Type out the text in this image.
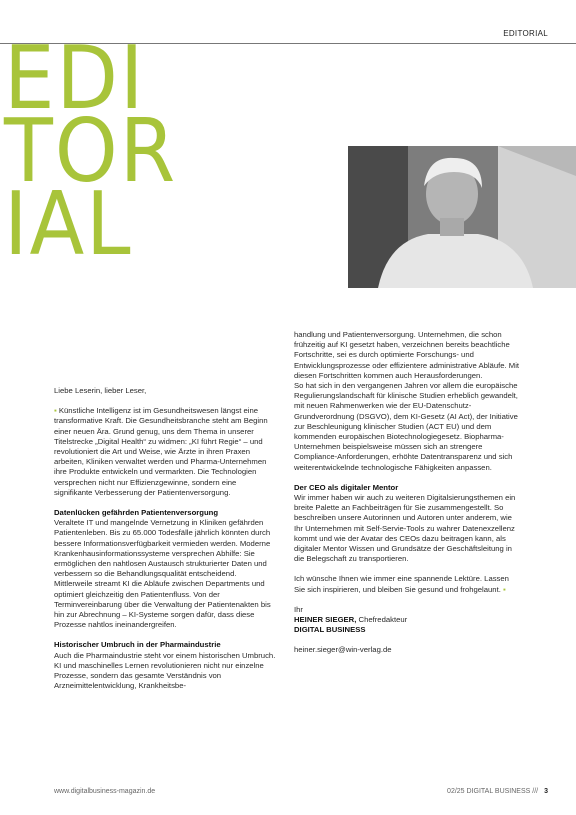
EDITORIAL
EDI
TOR
IAL

Liebe Leserin, lieber Leser,

▪ Künstliche Intelligenz ist im Gesundheitswesen längst eine transformative Kraft. Die Gesundheitsbranche steht am Beginn einer neuen Ära. Grund genug, uns dem Thema in unserer Titelstrecke „Digital Health“ zu widmen: „KI führt Regie“ – und revolutioniert die Art und Weise, wie Ärzte in ihren Praxen arbeiten, Kliniken verwaltet werden und Pharma-Unternehmen ihre Produkte entwickeln und vermarkten. Die Technologien versprechen nicht nur Effizienzgewinne, sondern eine signifikante Verbesserung der Patientenversorgung.

Datenlücken gefährden Patientenversorgung

Veraltete IT und mangelnde Vernetzung in Kliniken gefährden Patientenleben. Bis zu 65.000 Todesfälle jährlich könnten durch bessere Informationsverfügbarkeit vermieden werden. Moderne Krankenhausinformationssysteme versprechen Abhilfe: Sie ermöglichen den nahtlosen Austausch strukturierter Daten und verbessern so die Behandlungsqualität entscheidend. Mittlerweile streamt KI die Abläufe zwischen Departments und optimiert gleichzeitig den Patientenfluss. Von der Terminvereinbarung über die Verwaltung der Patientenakten bis hin zur Abrechnung – KI-Systeme sorgen dafür, dass diese Prozesse nahtlos ineinandergreifen.

Historischer Umbruch in der Pharmaindustrie

Auch die Pharmaindustrie steht vor einem historischen Umbruch. KI und maschinelles Lernen revolutionieren nicht nur einzelne Prozesse, sondern das gesamte Verständnis von Arzneimittelentwicklung, Krankheitsbe-

handlung und Patientenversorgung. Unternehmen, die schon frühzeitig auf KI gesetzt haben, verzeichnen bereits beachtliche Fortschritte, sei es durch optimierte Forschungs- und Entwicklungsprozesse oder effizientere administrative Abläufe. Mit diesen Fortschritten kommen auch Herausforderungen.

So hat sich in den vergangenen Jahren vor allem die europäische Regulierungslandschaft für klinische Studien erheblich gewandelt, mit neuen Rahmenwerken wie der EU-Datenschutz-Grundverordnung (DSGVO), dem KI-Gesetz (AI Act), der Initiative zur Beschleunigung klinischer Studien (ACT EU) und dem kommenden europäischen Biotechnologiegesetz. Biopharma-Unternehmen beispielsweise müssen sich an strengere Compliance-Anforderungen, erhöhte Datentransparenz und sich weiterentwickelnde technologische Fähigkeiten anpassen.

Der CEO als digitaler Mentor

Wir immer haben wir auch zu weiteren Digitalsierungsthemen ein breite Palette an Fachbeiträgen für Sie zusammengestellt. So beschreiben unsere Autorinnen und Autoren unter anderem, wie Ihr Unternehmen mit Self-Servie-Tools zu wahrer Datenexzellenz kommt und wie der Avatar des CEOs dazu beitragen kann, als digitaler Mentor Wissen und Grundsätze der Geschäftsleitung in die Belegschaft zu transportieren.

Ich wünsche Ihnen wie immer eine spannende Lektüre. Lassen Sie sich inspirieren, und bleiben Sie gesund und frohgelaunt. ▪

Ihr
HEINER SIEGER, Chefredakteur
DIGITAL BUSINESS
heiner.sieger@win-verlag.de
www.digitalbusiness-magazin.de	02/25 DIGITAL BUSINESS /// 3
